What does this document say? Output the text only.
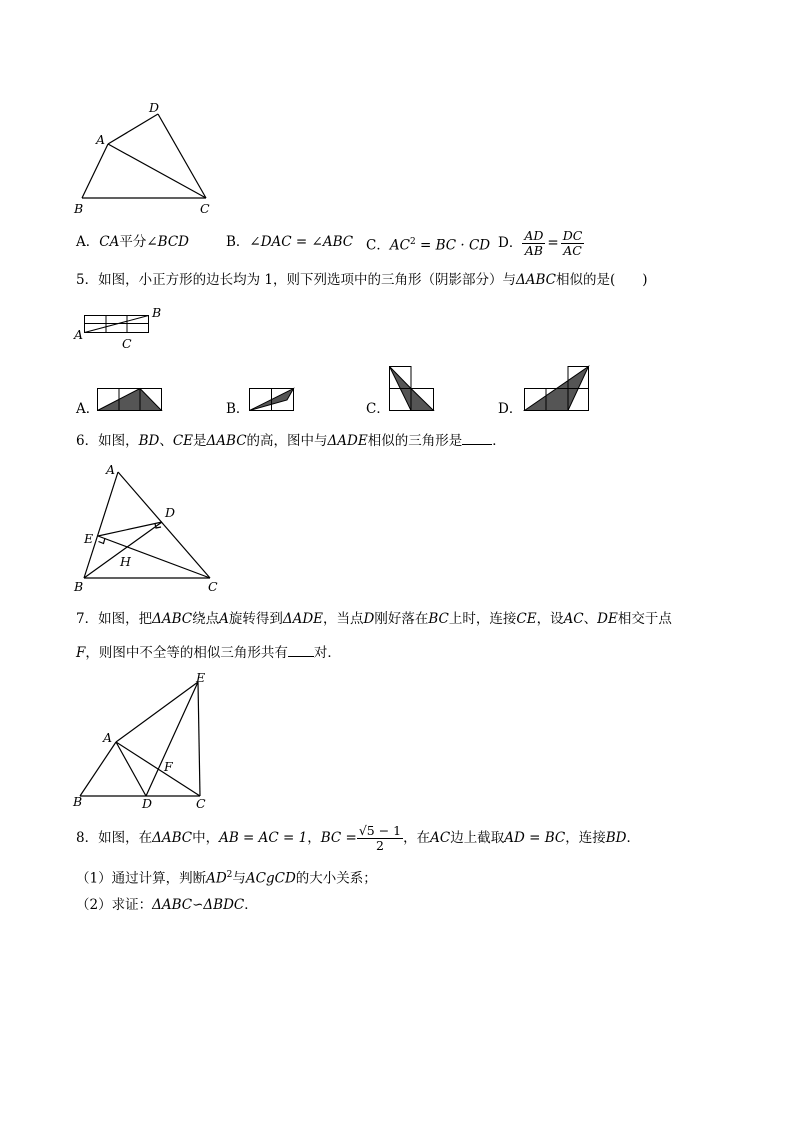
D
A
B	C
A．CA平分∠BCD	B．∠DAC = ∠ABC C．$AC^2$ = BC · CD D． $\frac{AD}{AB} = \frac{DC}{AC}$
5．如图，小正方形的边长均为 1，则下列选项中的三角形（阴影部分）与ΔABC相似的是(　　)
A
B
C
A．	B．	C．	D．
6．如图，BD、CE是ΔABC的高，图中与ΔADE相似的三角形是 ．
A
D
E
H
B	C
7．如图，把ΔABC绕点A旋转得到ΔADE，当点D刚好落在BC上时，连接CE，设AC、DE相交于点
F，则图中不全等的相似三角形共有 对．
E
A
F
B	D	C
8．如图，在 ΔABC 中， AB = AC = 1 ， BC = $\frac{√5 - 1}{2}$ ，在 AC 边上截取 AD = BC ，连接 BD ．
（1）通过计算，判断$AD^2$与ACgCD的大小关系；
（2）求证：ΔABC∽ΔBDC．
